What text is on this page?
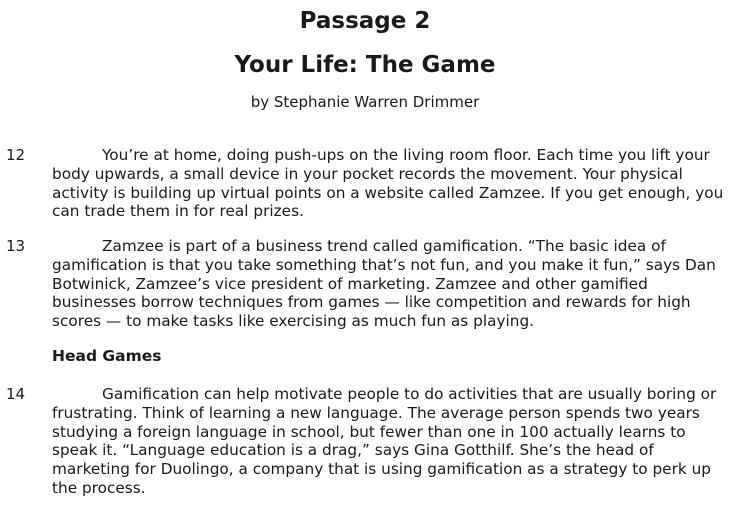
Passage 2
Your Life: The Game
by Stephanie Warren Drimmer
12	You’re at home, doing push-ups on the living room floor. Each time you lift your body upwards, a small device in your pocket records the movement. Your physical activity is building up virtual points on a website called Zamzee. If you get enough, you can trade them in for real prizes.

13	Zamzee is part of a business trend called gamification. “The basic idea of gamification is that you take something that’s not fun, and you make it fun,” says Dan Botwinick, Zamzee’s vice president of marketing. Zamzee and other gamified businesses borrow techniques from games — like competition and rewards for high scores — to make tasks like exercising as much fun as playing.

Head Games
14	Gamification can help motivate people to do activities that are usually boring or frustrating. Think of learning a new language. The average person spends two years studying a foreign language in school, but fewer than one in 100 actually learns to speak it. “Language education is a drag,” says Gina Gotthilf. She’s the head of marketing for Duolingo, a company that is using gamification as a strategy to perk up the process.
